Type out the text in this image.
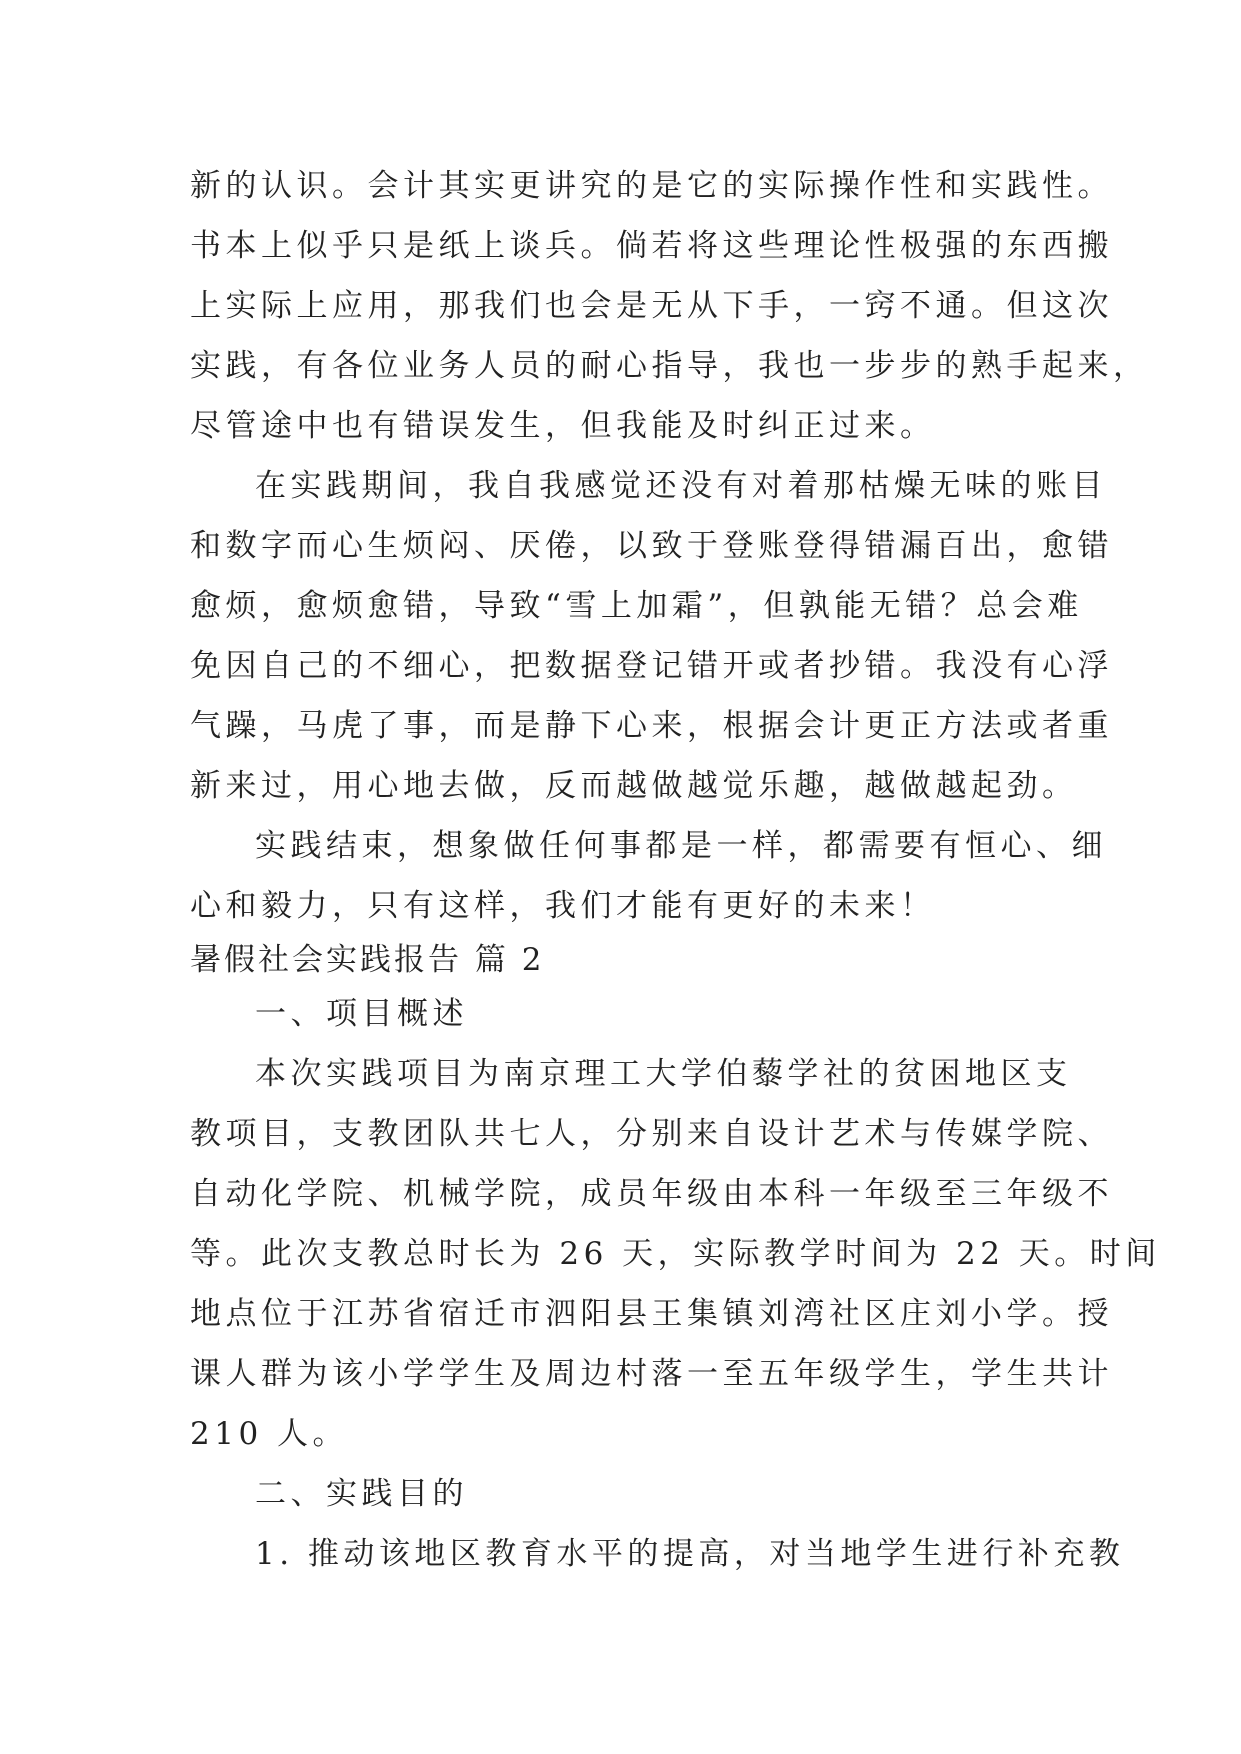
新的认识。会计其实更讲究的是它的实际操作性和实践性。
书本上似乎只是纸上谈兵。倘若将这些理论性极强的东西搬
上实际上应用，那我们也会是无从下手，一窍不通。但这次
实践，有各位业务人员的耐心指导，我也一步步的熟手起来，
尽管途中也有错误发生，但我能及时纠正过来。
在实践期间，我自我感觉还没有对着那枯燥无味的账目
和数字而心生烦闷、厌倦，以致于登账登得错漏百出，愈错
愈烦，愈烦愈错，导致“雪上加霜”，但孰能无错？总会难
免因自己的不细心，把数据登记错开或者抄错。我没有心浮
气躁，马虎了事，而是静下心来，根据会计更正方法或者重
新来过，用心地去做，反而越做越觉乐趣，越做越起劲。
实践结束，想象做任何事都是一样，都需要有恒心、细
心和毅力，只有这样，我们才能有更好的未来！
暑假社会实践报告 篇 2
一、项目概述
本次实践项目为南京理工大学伯藜学社的贫困地区支
教项目，支教团队共七人，分别来自设计艺术与传媒学院、
自动化学院、机械学院，成员年级由本科一年级至三年级不
等。此次支教总时长为 26 天，实际教学时间为 22 天。时间
地点位于江苏省宿迁市泗阳县王集镇刘湾社区庄刘小学。授
课人群为该小学学生及周边村落一至五年级学生，学生共计
210 人。
二、实践目的
1. 推动该地区教育水平的提高，对当地学生进行补充教
